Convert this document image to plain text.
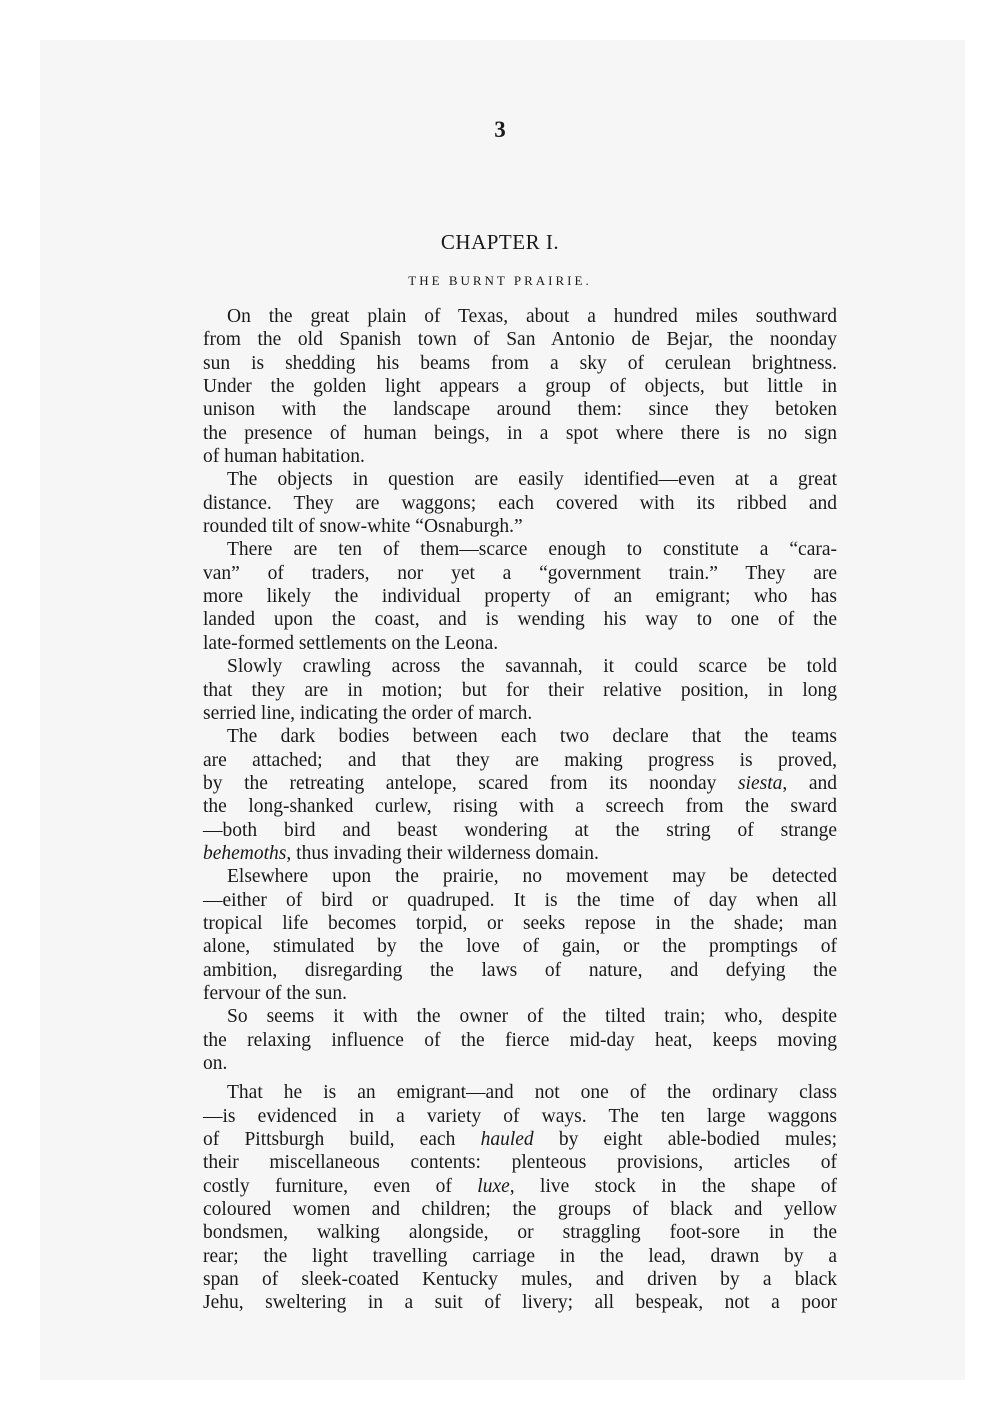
3
CHAPTER I.
THE BURNT PRAIRIE.
On the great plain of Texas, about a hundred miles southward
from the old Spanish town of San Antonio de Bejar, the noonday
sun is shedding his beams from a sky of cerulean brightness.
Under the golden light appears a group of objects, but little in
unison with the landscape around them: since they betoken
the presence of human beings, in a spot where there is no sign
of human habitation.
The objects in question are easily identified—even at a great
distance. They are waggons; each covered with its ribbed and
rounded tilt of snow-white “Osnaburgh.”
There are ten of them—scarce enough to constitute a “cara-
van” of traders, nor yet a “government train.” They are
more likely the individual property of an emigrant; who has
landed upon the coast, and is wending his way to one of the
late-formed settlements on the Leona.
Slowly crawling across the savannah, it could scarce be told
that they are in motion; but for their relative position, in long
serried line, indicating the order of march.
The dark bodies between each two declare that the teams
are attached; and that they are making progress is proved,
by the retreating antelope, scared from its noonday siesta, and
the long-shanked curlew, rising with a screech from the sward
—both bird and beast wondering at the string of strange
behemoths, thus invading their wilderness domain.
Elsewhere upon the prairie, no movement may be detected
—either of bird or quadruped. It is the time of day when all
tropical life becomes torpid, or seeks repose in the shade; man
alone, stimulated by the love of gain, or the promptings of
ambition, disregarding the laws of nature, and defying the
fervour of the sun.
So seems it with the owner of the tilted train; who, despite
the relaxing influence of the fierce mid-day heat, keeps moving
on.
That he is an emigrant—and not one of the ordinary class
—is evidenced in a variety of ways. The ten large waggons
of Pittsburgh build, each hauled by eight able-bodied mules;
their miscellaneous contents: plenteous provisions, articles of
costly furniture, even of luxe, live stock in the shape of
coloured women and children; the groups of black and yellow
bondsmen, walking alongside, or straggling foot-sore in the
rear; the light travelling carriage in the lead, drawn by a
span of sleek-coated Kentucky mules, and driven by a black
Jehu, sweltering in a suit of livery; all bespeak, not a poor
